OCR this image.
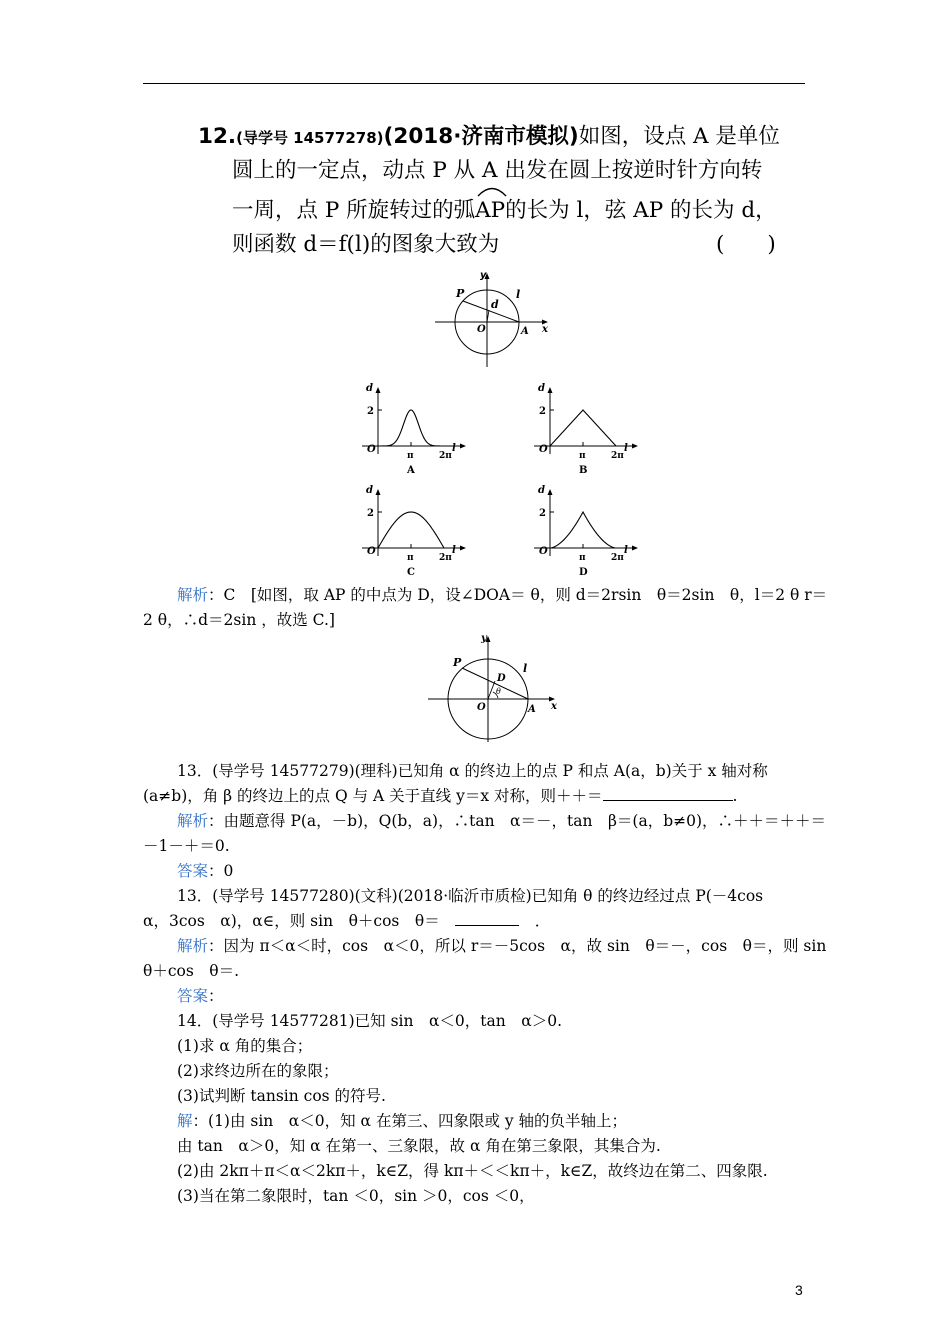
12.(导学号 14577278)(2018·济南市模拟)如图，设点 A 是单位
圆上的一定点，动点 P 从 A 出发在圆上按逆时针方向转
一周，点 P 所旋转过的弧
AP的长为 l，弦 AP 的长为 d，
则函数 d＝f(l)的图象大致为	(　　)
y
P
d
l
O	A x
d
2
O
π	2π
l
A
d
2
O
π	2π
l
B
d
2
O
π	2π
l
C
d
2
O
π	2π
l
D
解析：C　[如图，取 AP 的中点为 D，设∠DOA＝ θ，则 d＝2rsin　θ＝2sin　θ，l＝2 θ r＝
2 θ，∴d＝2sin ，故选 C.]
y
P	l
D
θ
O	A x
13．(导学号 14577279)(理科)已知角 α 的终边上的点 P 和点 A(a，b)关于 x 轴对称
(a≠b)，角 β 的终边上的点 Q 与 A 关于直线 y＝x 对称，则＋＋＝	.
解析：由题意得 P(a，－b)，Q(b，a)，∴tan　α＝－，tan　β＝(a，b≠0)，∴＋＋＝＋＋＝
－1－＋＝0.
答案：0
13．(导学号 14577280)(文科)(2018·临沂市质检)已知角 θ 的终边经过点 P(－4cos
α，3cos　α)，α∈，则 sin　θ＋cos　θ＝　　	．
解析：因为 π＜α＜时，cos　α＜0，所以 r＝－5cos　α，故 sin　θ＝－，cos　θ＝，则 sin
θ＋cos　θ＝.
答案：
14．(导学号 14577281)已知 sin　α＜0，tan　α＞0.
(1)求 α 角的集合；
(2)求终边所在的象限；
(3)试判断 tansin cos 的符号.
解：(1)由 sin　α＜0，知 α 在第三、四象限或 y 轴的负半轴上；
由 tan　α＞0，知 α 在第一、三象限，故 α 角在第三象限，其集合为.
(2)由 2kπ＋π＜α＜2kπ＋，k∈Z，得 kπ＋＜＜kπ＋，k∈Z，故终边在第二、四象限.
(3)当在第二象限时，tan ＜0，sin ＞0，cos ＜0，
3
